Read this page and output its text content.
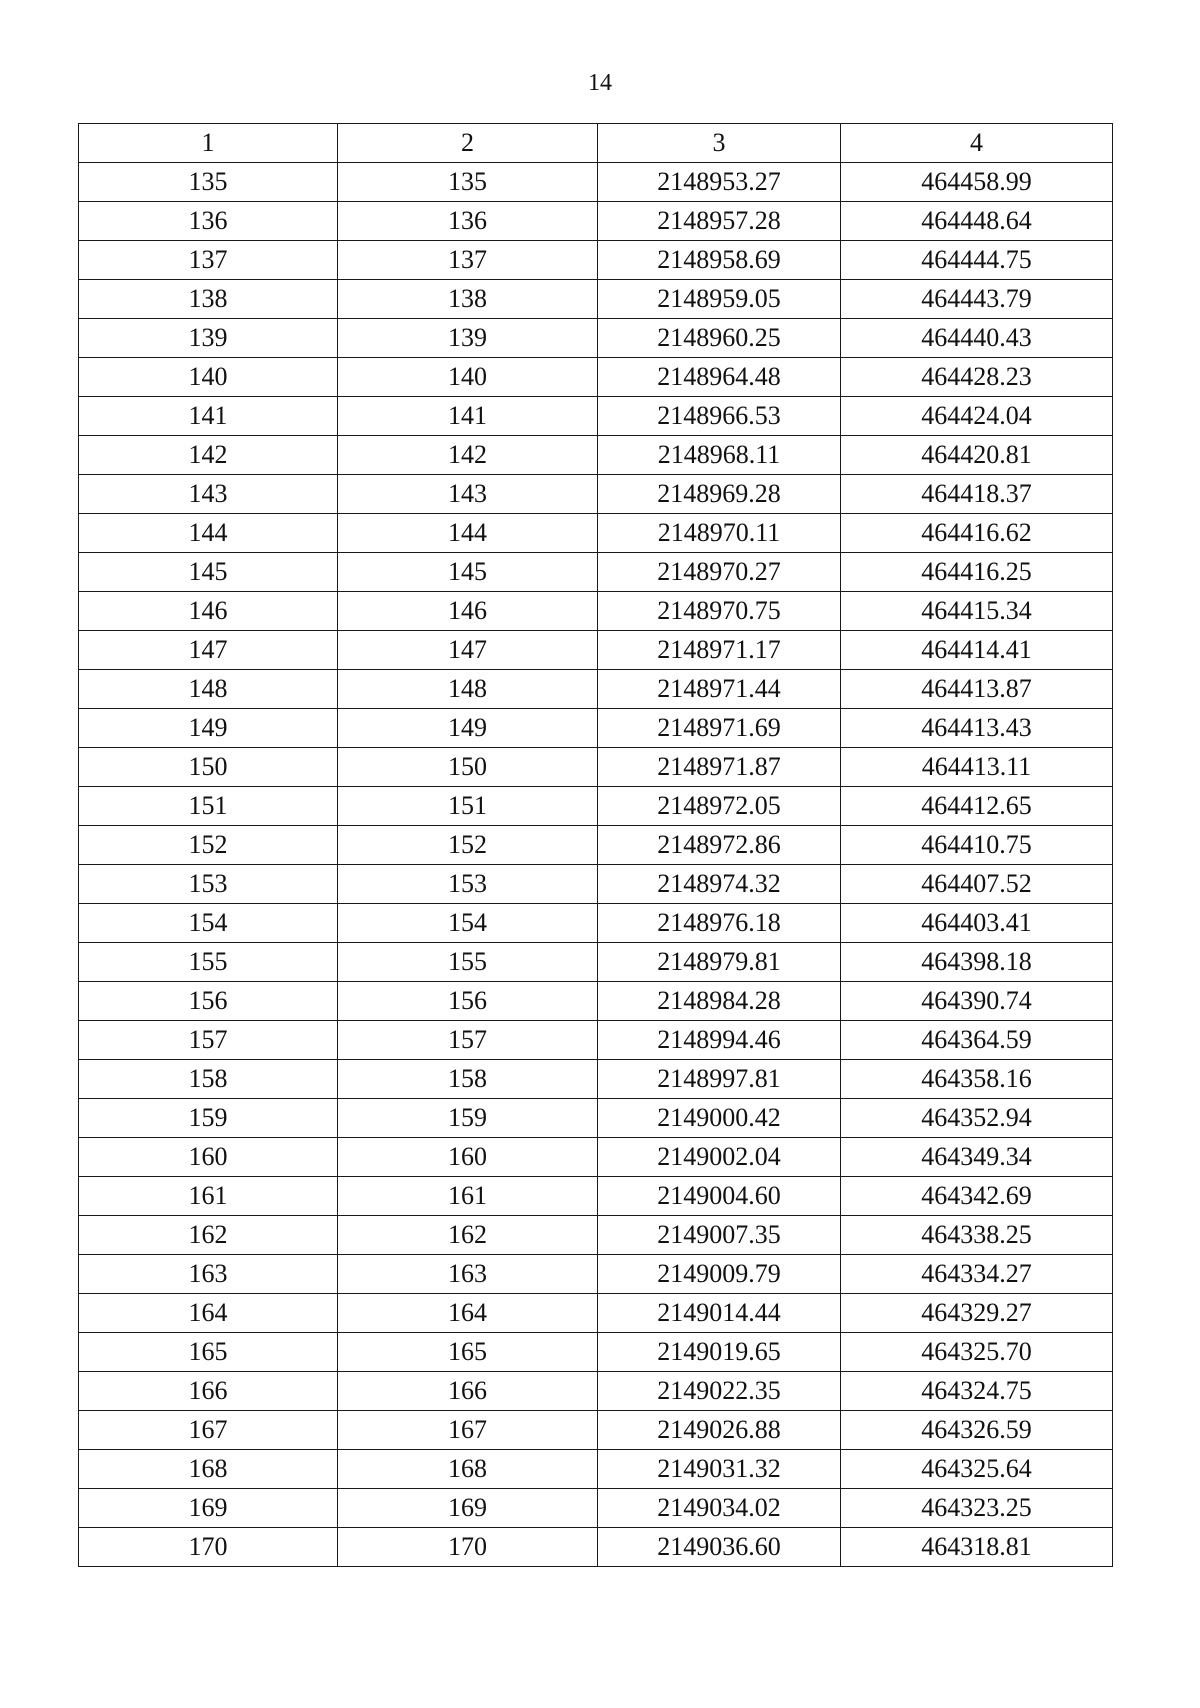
14
1	2	3	4
135	135	2148953.27	464458.99
136	136	2148957.28	464448.64
137	137	2148958.69	464444.75
138	138	2148959.05	464443.79
139	139	2148960.25	464440.43
140	140	2148964.48	464428.23
141	141	2148966.53	464424.04
142	142	2148968.11	464420.81
143	143	2148969.28	464418.37
144	144	2148970.11	464416.62
145	145	2148970.27	464416.25
146	146	2148970.75	464415.34
147	147	2148971.17	464414.41
148	148	2148971.44	464413.87
149	149	2148971.69	464413.43
150	150	2148971.87	464413.11
151	151	2148972.05	464412.65
152	152	2148972.86	464410.75
153	153	2148974.32	464407.52
154	154	2148976.18	464403.41
155	155	2148979.81	464398.18
156	156	2148984.28	464390.74
157	157	2148994.46	464364.59
158	158	2148997.81	464358.16
159	159	2149000.42	464352.94
160	160	2149002.04	464349.34
161	161	2149004.60	464342.69
162	162	2149007.35	464338.25
163	163	2149009.79	464334.27
164	164	2149014.44	464329.27
165	165	2149019.65	464325.70
166	166	2149022.35	464324.75
167	167	2149026.88	464326.59
168	168	2149031.32	464325.64
169	169	2149034.02	464323.25
170	170	2149036.60	464318.81
